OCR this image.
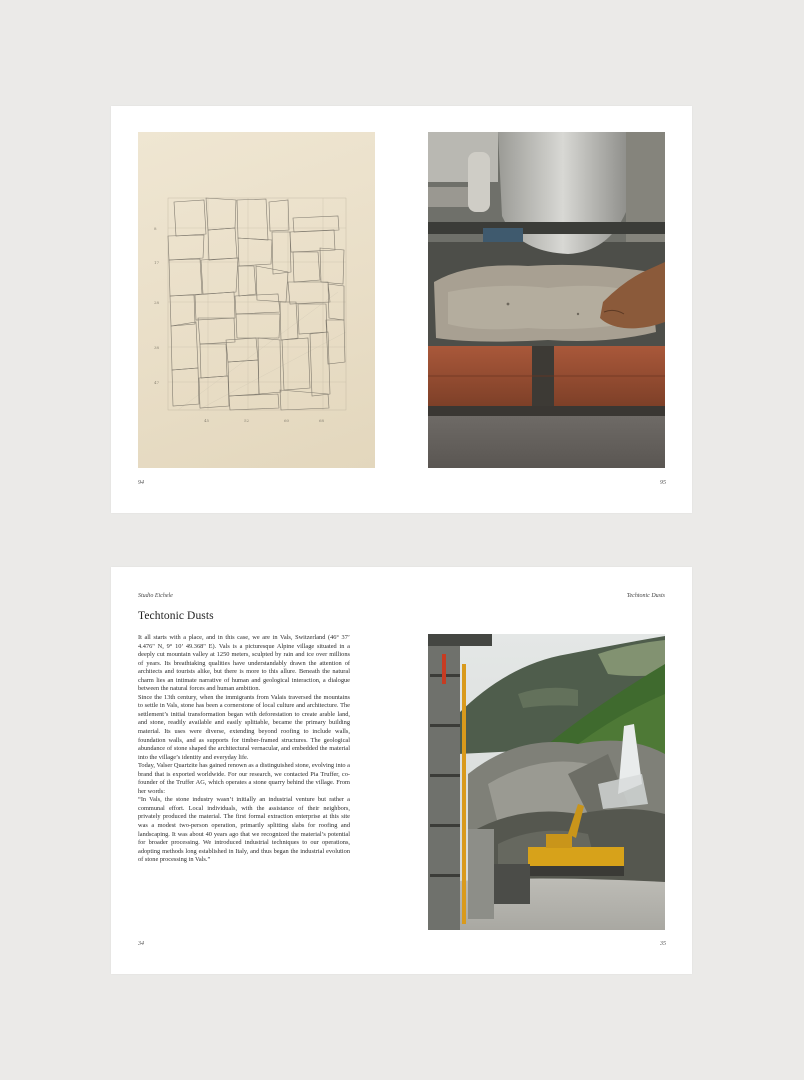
8
17
28
38
47
45	52	60	68
94	95
Studio Eichele	Techtonic Dusts
Techtonic Dusts

It all starts with a place, and in this case, we are in Vals, Switzerland (46° 37’ 4.476" N, 9° 10’ 49.368" E). Vals is a picturesque Alpine village situated in a deeply cut mountain valley at 1250 meters, sculpted by rain and ice over millions of years. Its breathtaking qualities have understandably drawn the attention of architects and tourists alike, but there is more to this allure. Beneath the natural charm lies an intimate narrative of human and geological interaction, a dialogue between the natural forces and human ambition.

Since the 13th century, when the immigrants from Valais traversed the mountains to settle in Vals, stone has been a cornerstone of local culture and architecture. The settlement’s initial transformation began with deforestation to create arable land, and stone, readily available and easily splittable, became the primary building material. Its uses were diverse, extending beyond roofing to include walls, foundation walls, and as supports for timber-framed structures. The geological abundance of stone shaped the architectural vernacular, and embedded the material into the village’s identity and everyday life.

Today, Valser Quartzite has gained renown as a distinguished stone, evolving into a brand that is exported worldwide. For our research, we contacted Pia Truffer, co-founder of the Truffer AG, which operates a stone quarry behind the village. From her words:

“In Vals, the stone industry wasn’t initially an industrial venture but rather a communal effort. Local individuals, with the assistance of their neighbors, privately produced the material. The first formal extraction enterprise at this site was a modest two-person operation, primarily splitting slabs for roofing and landscaping. It was about 40 years ago that we recognized the material’s potential for broader processing. We introduced industrial techniques to our operations, adopting methods long established in Italy, and thus began the industrial evolution of stone processing in Vals.”

34	35
